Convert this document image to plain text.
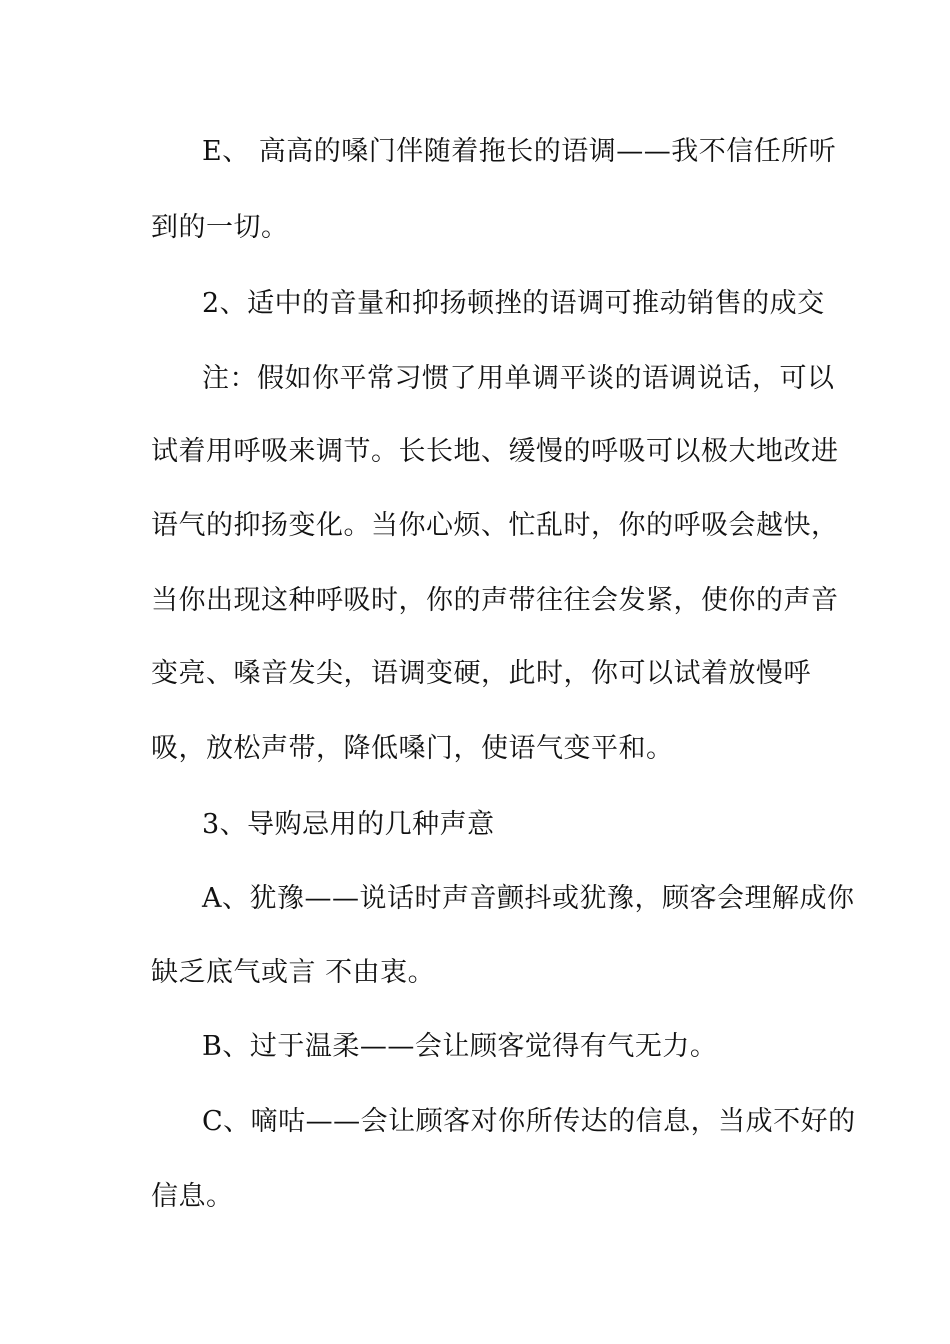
E、 高高的嗓门伴随着拖长的语调——我不信任所听

到的一切。

2、适中的音量和抑扬顿挫的语调可推动销售的成交

注：假如你平常习惯了用单调平谈的语调说话，可以

试着用呼吸来调节。长长地、缓慢的呼吸可以极大地改进

语气的抑扬变化。当你心烦、忙乱时，你的呼吸会越快，

当你出现这种呼吸时，你的声带往往会发紧，使你的声音

变亮、嗓音发尖，语调变硬，此时，你可以试着放慢呼

吸，放松声带，降低嗓门，使语气变平和。

3、导购忌用的几种声意

A、犹豫——说话时声音颤抖或犹豫，顾客会理解成你

缺乏底气或言 不由衷。

B、过于温柔——会让顾客觉得有气无力。

C、嘀咕——会让顾客对你所传达的信息，当成不好的

信息。
